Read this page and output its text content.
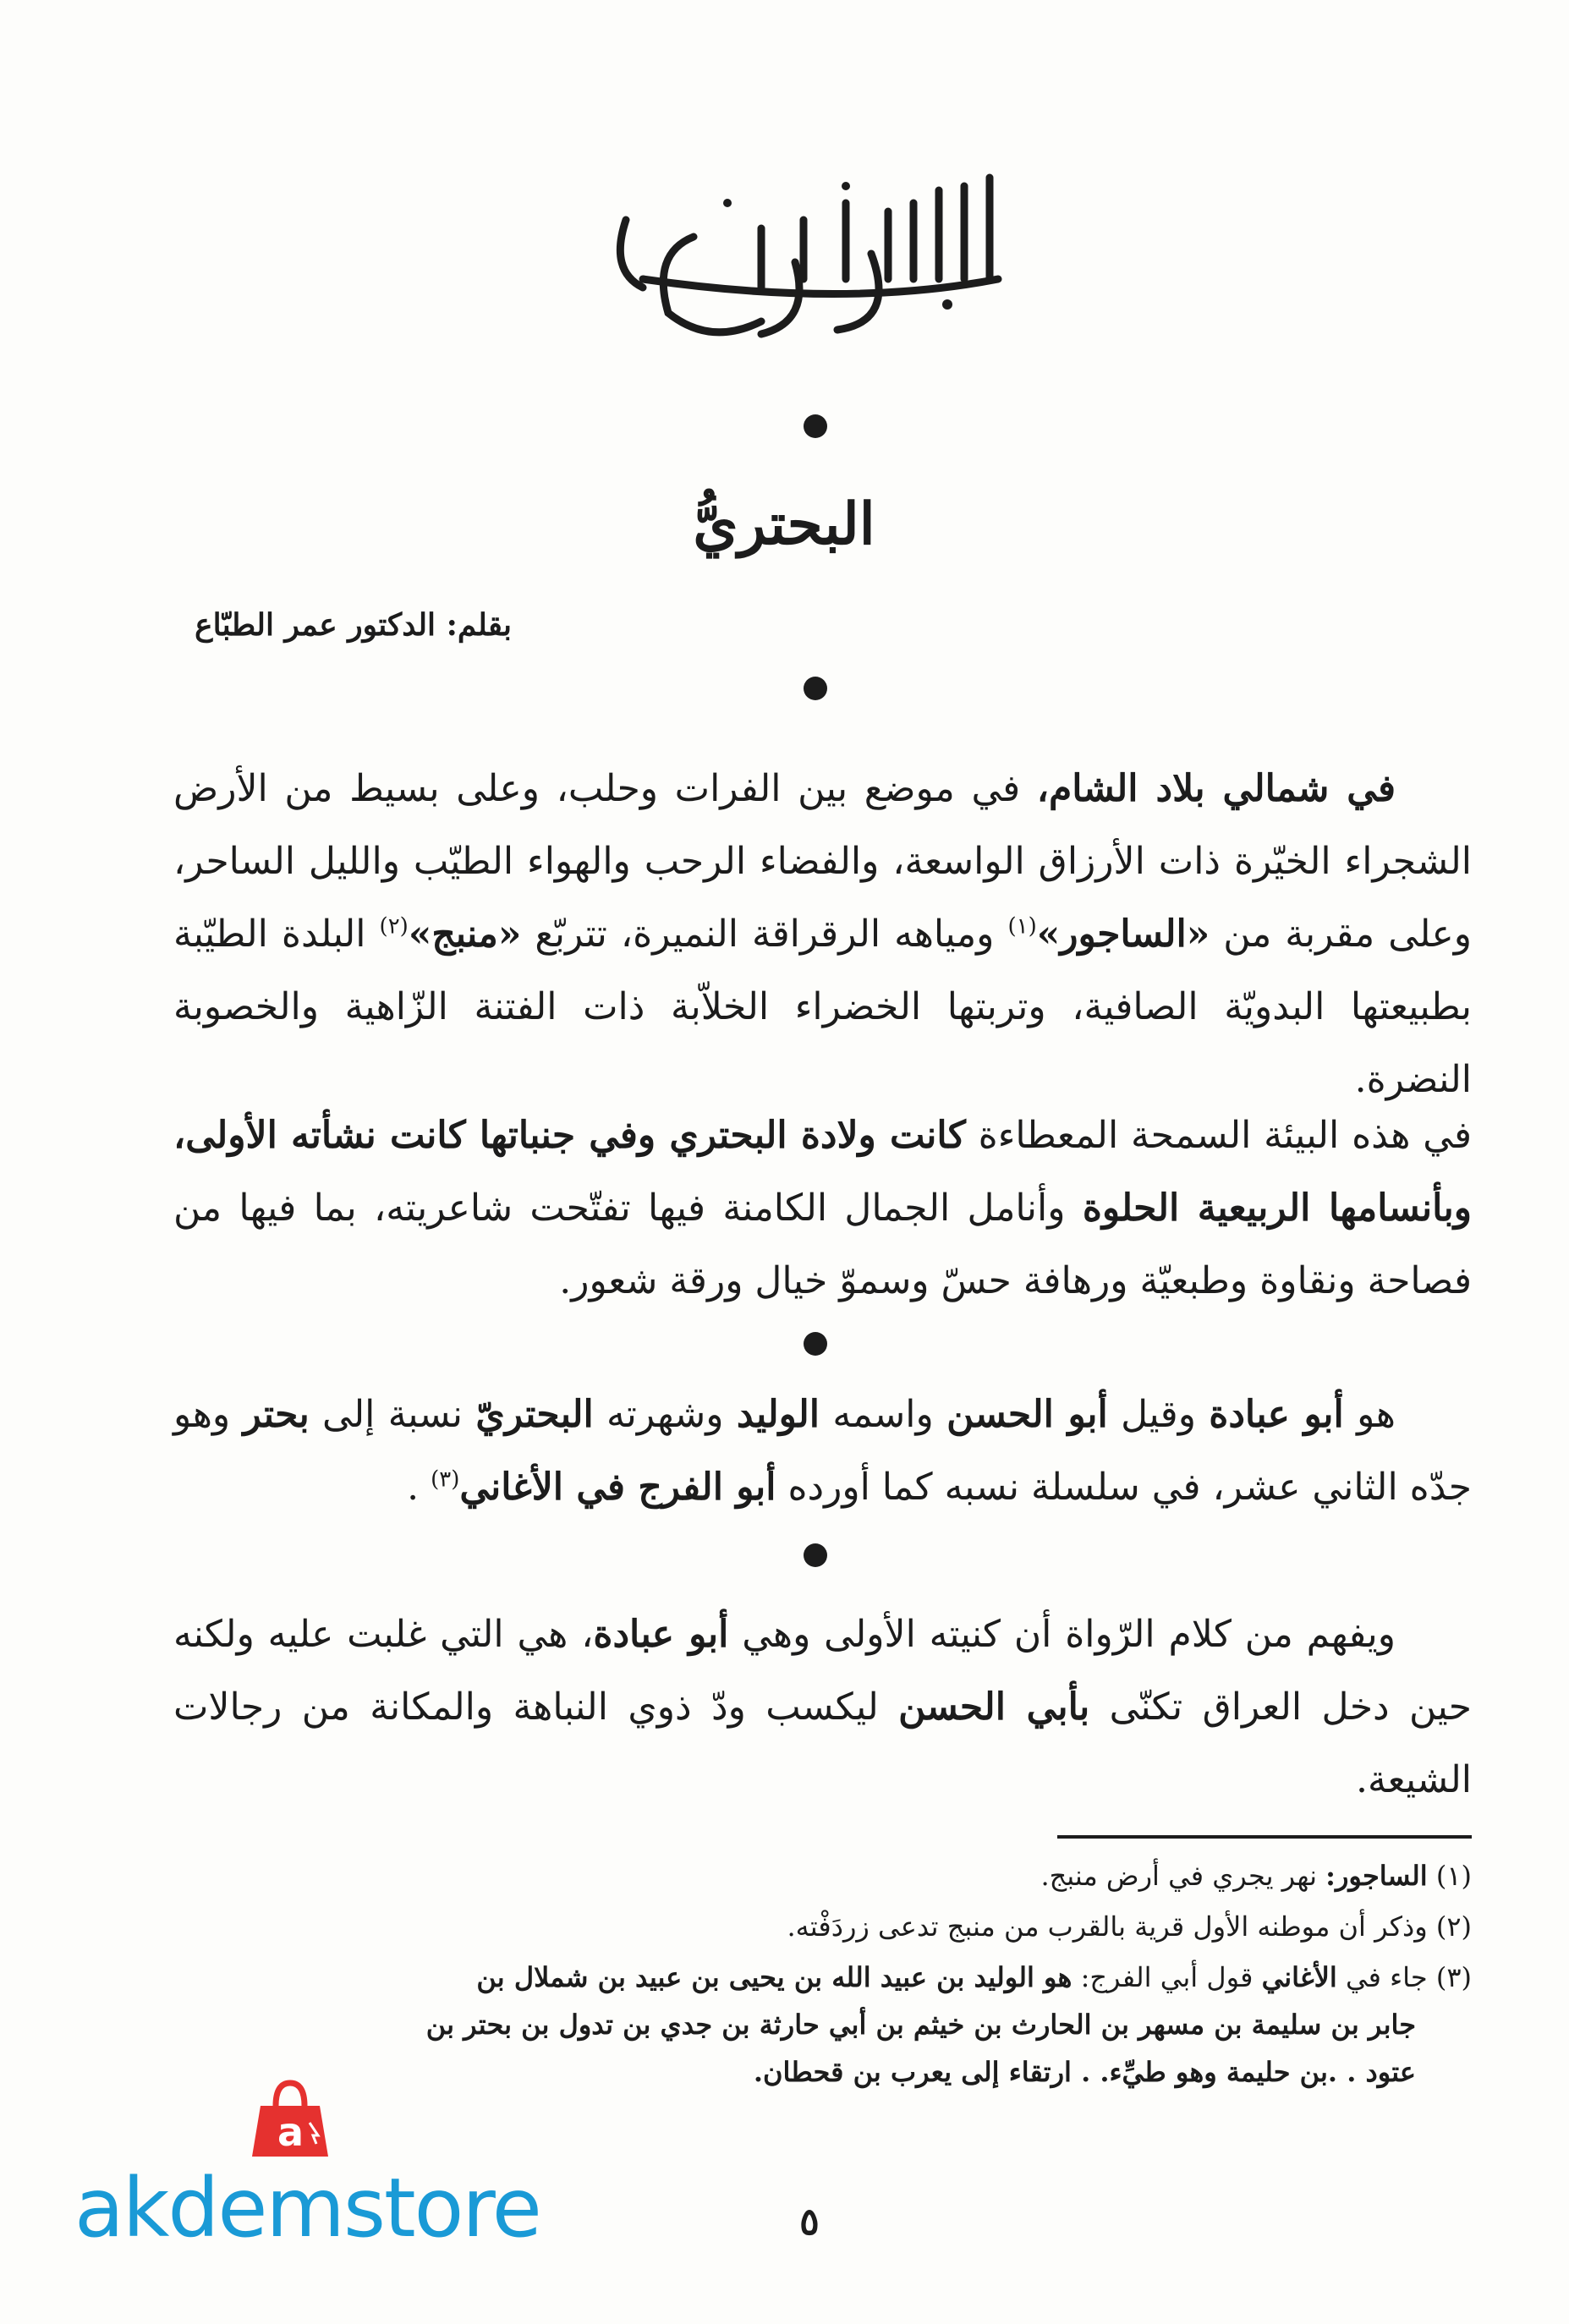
البحتريُّ
بقلم: الدكتور عمر الطبّاع

في شمالي بلاد الشام، في موضع بين الفرات وحلب، وعلى بسيط من الأرض الشجراء الخيّرة ذات الأرزاق الواسعة، والفضاء الرحب والهواء الطيّب والليل الساحر، وعلى مقربة من «الساجور»$^{(١)}$ ومياهه الرقراقة النميرة، تتربّع «منبج»$^{(٢)}$ البلدة الطيّبة بطبيعتها البدويّة الصافية، وتربتها الخضراء الخلاّبة ذات الفتنة الزّاهية والخصوبة النضرة.

في هذه البيئة السمحة المعطاءة كانت ولادة البحتري وفي جنباتها كانت نشأته الأولى، وبأنسامها الربيعية الحلوة وأنامل الجمال الكامنة فيها تفتّحت شاعريته، بما فيها من فصاحة ونقاوة وطبعيّة ورهافة حسّ وسموّ خيال ورقة شعور.

هو أبو عبادة وقيل أبو الحسن واسمه الوليد وشهرته البحتريّ نسبة إلى بحتر وهو جدّه الثاني عشر، في سلسلة نسبه كما أورده أبو الفرج في الأغاني$^{(٣)}$ .

ويفهم من كلام الرّواة أن كنيته الأولى وهي أبو عبادة، هي التي غلبت عليه ولكنه حين دخل العراق تكنّى بأبي الحسن ليكسب ودّ ذوي النباهة والمكانة من رجالات الشيعة.

(١) الساجور: نهر يجري في أرض منبج.
(٢) وذكر أن موطنه الأول قرية بالقرب من منبج تدعى زردَفْته.
(٣) جاء في الأغاني قول أبي الفرج: هو الوليد بن عبيد الله بن يحيى بن عبيد بن شملال بن
جابر بن سليمة بن مسهر بن الحارث بن خيثم بن أبي حارثة بن جدي بن تدول بن بحتر بن
عتود . .بن حليمة وهو طيِّء. . ارتقاء إلى يعرب بن قحطان.
٥
a
akdemstore
